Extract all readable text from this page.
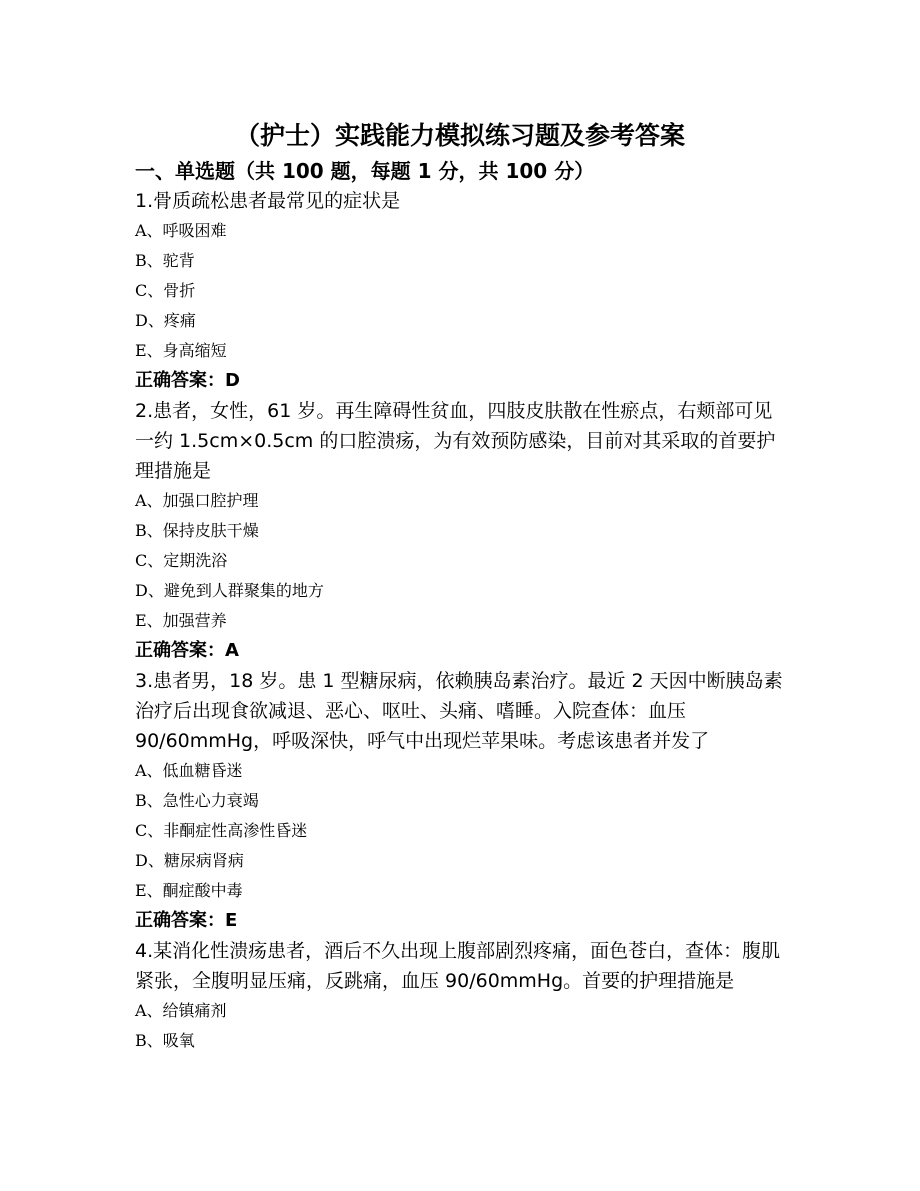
（护士）实践能力模拟练习题及参考答案
一、单选题（共 100 题，每题 1 分，共 100 分）

1.骨质疏松患者最常见的症状是

A、呼吸困难

B、驼背

C、骨折

D、疼痛

E、身高缩短

正确答案：D

2.患者，女性，61 岁。再生障碍性贫血，四肢皮肤散在性瘀点，右颊部可见一约 1.5cm×0.5cm 的口腔溃疡，为有效预防感染，目前对其采取的首要护理措施是

A、加强口腔护理

B、保持皮肤干燥

C、定期洗浴

D、避免到人群聚集的地方

E、加强营养

正确答案：A

3.患者男，18 岁。患 1 型糖尿病，依赖胰岛素治疗。最近 2 天因中断胰岛素治疗后出现食欲减退、恶心、呕吐、头痛、嗜睡。入院查体：血压 90/60mmHg，呼吸深快，呼气中出现烂苹果味。考虑该患者并发了

A、低血糖昏迷

B、急性心力衰竭

C、非酮症性高渗性昏迷

D、糖尿病肾病

E、酮症酸中毒

正确答案：E

4.某消化性溃疡患者，酒后不久出现上腹部剧烈疼痛，面色苍白，查体：腹肌紧张，全腹明显压痛，反跳痛，血压 90/60mmHg。首要的护理措施是

A、给镇痛剂

B、吸氧
